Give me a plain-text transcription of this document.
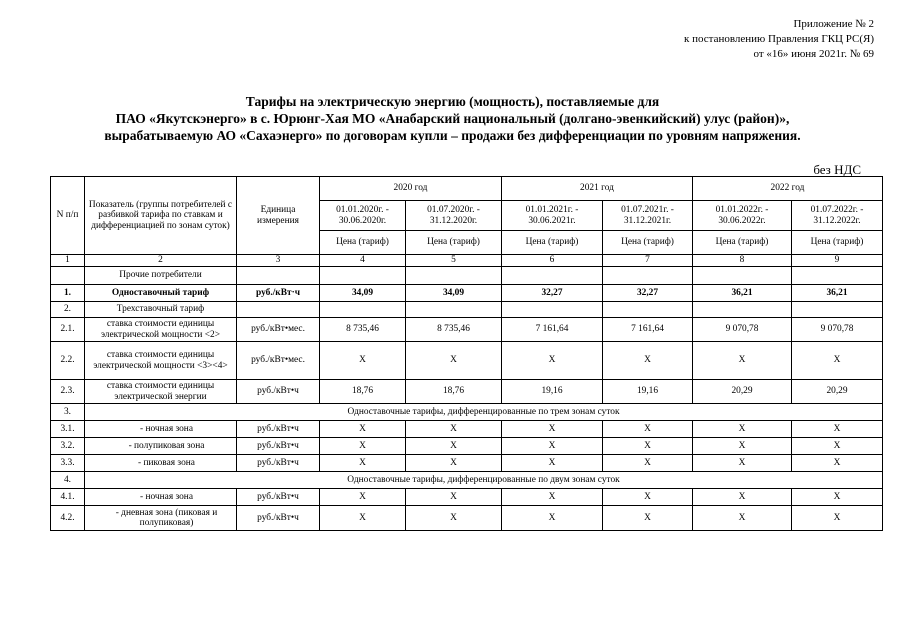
Приложение № 2
к постановлению Правления ГКЦ РС(Я)
от «16» июня 2021г. № 69
Тарифы на электрическую энергию (мощность), поставляемые для
ПАО «Якутскэнерго» в с. Юрюнг-Хая МО «Анабарский национальный (долгано-эвенкийский) улус (район)»,
вырабатываемую АО «Сахаэнерго» по договорам купли – продажи без дифференциации по уровням напряжения.
без НДС
N п/п	Показатель (группы потребителей с разбивкой тарифа по ставкам и дифференциацией по зонам суток)	Единица измерения	2020 год		2021 год		2022 год	
			01.01.2020г. - 30.06.2020г.	01.07.2020г. - 31.12.2020г.	01.01.2021г. - 30.06.2021г.	01.07.2021г. - 31.12.2021г.	01.01.2022г. - 30.06.2022г.	01.07.2022г. - 31.12.2022г.
			Цена (тариф)	Цена (тариф)	Цена (тариф)	Цена (тариф)	Цена (тариф)	Цена (тариф)
1	2	3	4	5	6	7	8	9
	Прочие потребители							
1.	Одноставочный тариф	руб./кВт·ч	34,09	34,09	32,27	32,27	36,21	36,21
2.	Трехставочный тариф							
2.1.	ставка стоимости единицы электрической мощности <2>	руб./кВт•мес.	8 735,46	8 735,46	7 161,64	7 161,64	9 070,78	9 070,78
2.2.	ставка стоимости единицы электрической мощности <3><4>	руб./кВт•мес.	X	X	X	X	X	X
2.3.	ставка стоимости единицы электрической энергии	руб./кВт•ч	18,76	18,76	19,16	19,16	20,29	20,29
3.	Одноставочные тарифы, дифференцированные по трем зонам суток							
3.1.	- ночная зона	руб./кВт•ч	X	X	X	X	X	X
3.2.	- полупиковая зона	руб./кВт•ч	X	X	X	X	X	X
3.3.	- пиковая зона	руб./кВт•ч	X	X	X	X	X	X
4.	Одноставочные тарифы, дифференцированные по двум зонам суток							
4.1.	- ночная зона	руб./кВт•ч	X	X	X	X	X	X
4.2.	- дневная зона (пиковая и полупиковая)	руб./кВт•ч	X	X	X	X	X	X
